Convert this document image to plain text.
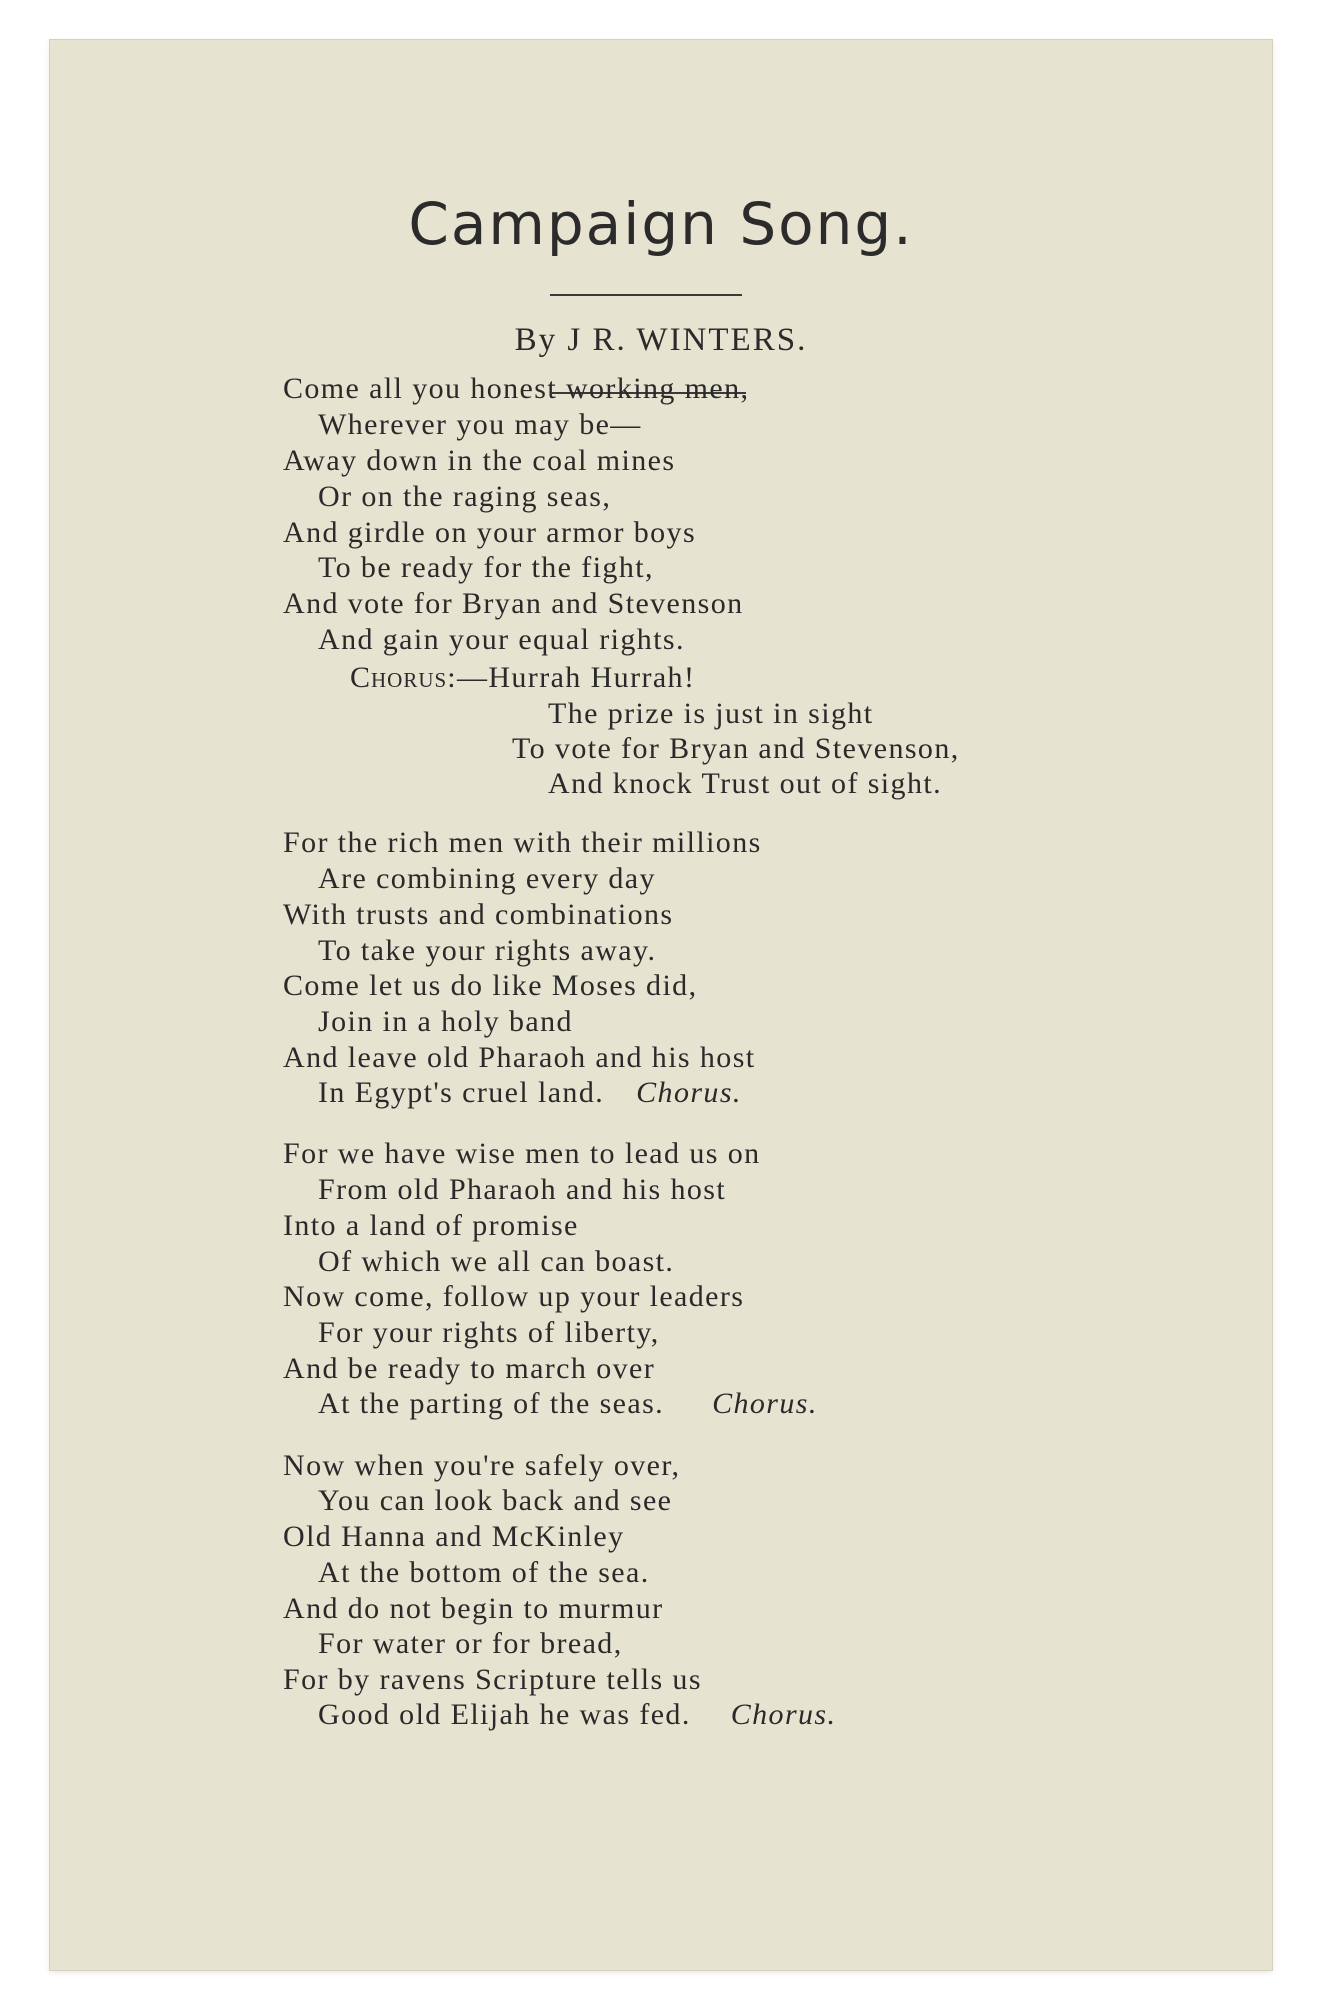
Campaign Song.
By J R. WINTERS.
Come all you honest working men,
Wherever you may be—
Away down in the coal mines
Or on the raging seas,
And girdle on your armor boys
To be ready for the fight,
And vote for Bryan and Stevenson
And gain your equal rights.
Chorus:—Hurrah Hurrah!
The prize is just in sight
To vote for Bryan and Stevenson,
And knock Trust out of sight.
For the rich men with their millions
Are combining every day
With trusts and combinations
To take your rights away.
Come let us do like Moses did,
Join in a holy band
And leave old Pharaoh and his host
In Egypt's cruel land. Chorus.
For we have wise men to lead us on
From old Pharaoh and his host
Into a land of promise
Of which we all can boast.
Now come, follow up your leaders
For your rights of liberty,
And be ready to march over
At the parting of the seas. Chorus.
Now when you're safely over,
You can look back and see
Old Hanna and McKinley
At the bottom of the sea.
And do not begin to murmur
For water or for bread,
For by ravens Scripture tells us
Good old Elijah he was fed. Chorus.
